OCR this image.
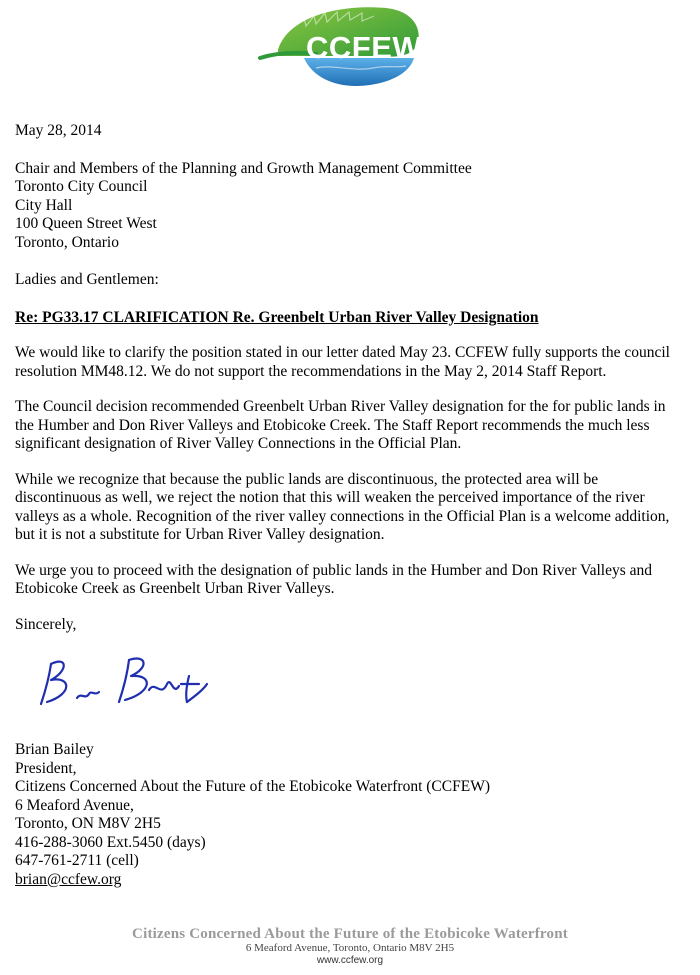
CCFEW

May 28, 2014

Chair and Members of the Planning and Growth Management Committee
Toronto City Council
City Hall
100 Queen Street West
Toronto, Ontario

Ladies and Gentlemen:

Re: PG33.17 CLARIFICATION Re. Greenbelt Urban River Valley Designation

We would like to clarify the position stated in our letter dated May 23. CCFEW fully supports the council resolution MM48.12. We do not support the recommendations in the May 2, 2014 Staff Report.

The Council decision recommended Greenbelt Urban River Valley designation for the for public lands in the Humber and Don River Valleys and Etobicoke Creek. The Staff Report recommends the much less significant designation of River Valley Connections in the Official Plan.

While we recognize that because the public lands are discontinuous, the protected area will be discontinuous as well, we reject the notion that this will weaken the perceived importance of the river valleys as a whole. Recognition of the river valley connections in the Official Plan is a welcome addition, but it is not a substitute for Urban River Valley designation.

We urge you to proceed with the designation of public lands in the Humber and Don River Valleys and Etobicoke Creek as Greenbelt Urban River Valleys.

Sincerely,

Brian Bailey
President,
Citizens Concerned About the Future of the Etobicoke Waterfront (CCFEW)
6 Meaford Avenue,
Toronto, ON M8V 2H5
416-288-3060 Ext.5450 (days)
647-761-2711 (cell)
brian@ccfew.org
Citizens Concerned About the Future of the Etobicoke Waterfront
6 Meaford Avenue, Toronto, Ontario M8V 2H5
www.ccfew.org
